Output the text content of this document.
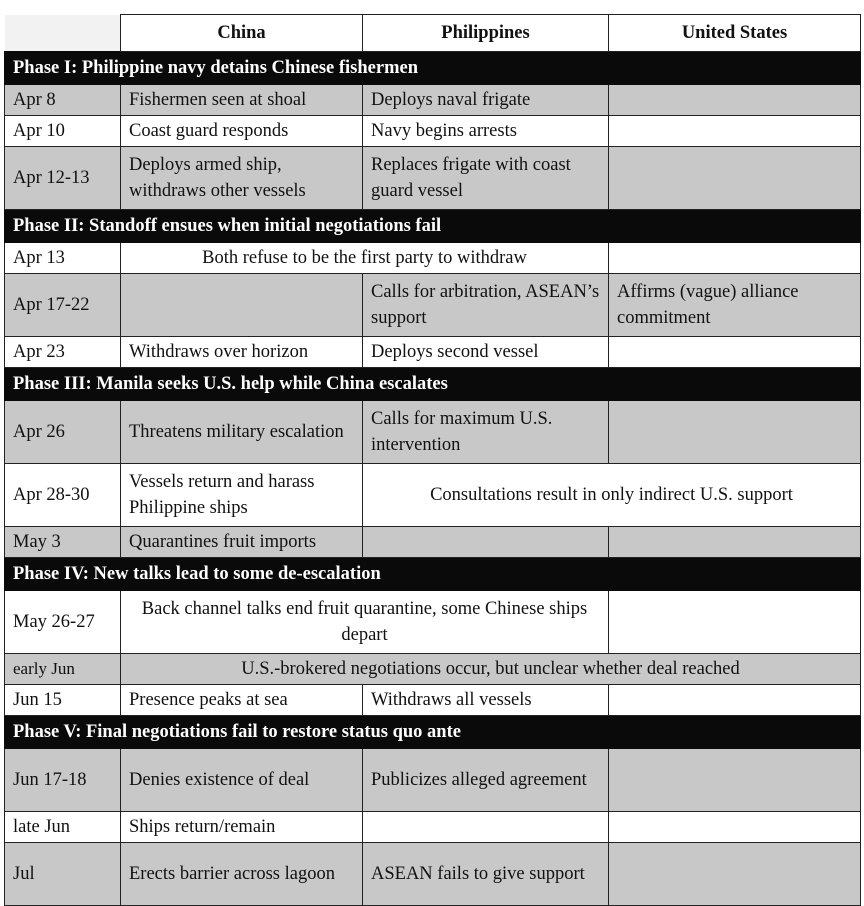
	China	Philippines	United States
Phase I: Philippine navy detains Chinese fishermen			
Apr 8	Fishermen seen at shoal	Deploys naval frigate	
Apr 10	Coast guard responds	Navy begins arrests	
Apr 12-13	Deploys armed ship, withdraws other vessels	Replaces frigate with coast guard vessel	
Phase II: Standoff ensues when initial negotiations fail			
Apr 13	Both refuse to be the first party to withdraw		
Apr 17-22		Calls for arbitration, ASEAN’s support	Affirms (vague) alliance commitment
Apr 23	Withdraws over horizon	Deploys second vessel	
Phase III: Manila seeks U.S. help while China escalates			
Apr 26	Threatens military escalation	Calls for maximum U.S. intervention	
Apr 28-30	Vessels return and harass Philippine ships	Consultations result in only indirect U.S. support	
May 3	Quarantines fruit imports		
Phase IV: New talks lead to some de-escalation			
May 26-27	Back channel talks end fruit quarantine, some Chinese ships depart		
early Jun	U.S.-brokered negotiations occur, but unclear whether deal reached		
Jun 15	Presence peaks at sea	Withdraws all vessels	
Phase V: Final negotiations fail to restore status quo ante			
Jun 17-18	Denies existence of deal	Publicizes alleged agreement	
late Jun	Ships return/remain		
Jul	Erects barrier across lagoon	ASEAN fails to give support	
